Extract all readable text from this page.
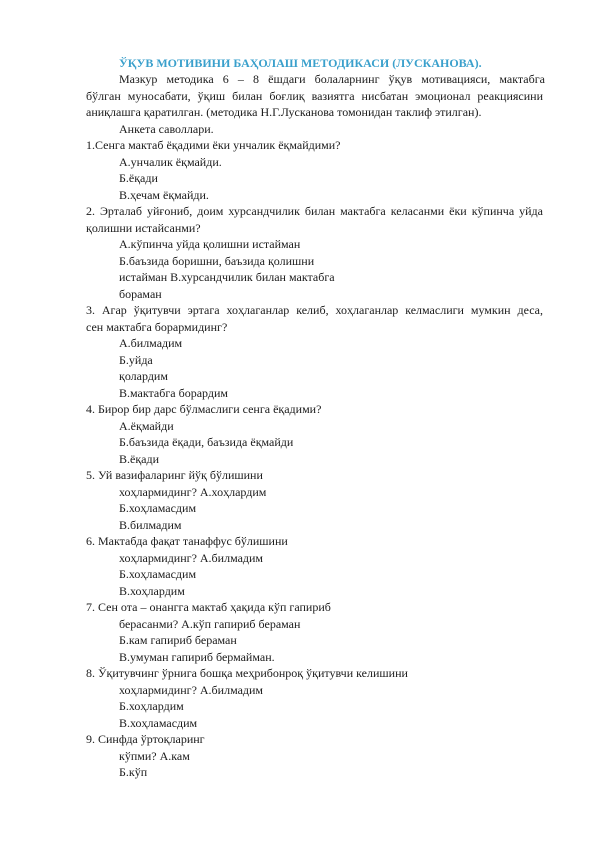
ЎҚУВ МОТИВИНИ БАҲОЛАШ МЕТОДИКАСИ (ЛУСКАНОВА).
Мазкур методика 6 – 8 ёшдаги болаларнинг ўқув мотивацияси, мактабга
бўлган муносабати, ўқиш билан боғлиқ вазиятга нисбатан эмоционал реакциясини
аниқлашга қаратилган. (методика Н.Г.Лусканова томонидан таклиф этилган).
Анкета саволлари.
1.Сенга мактаб ёқадими ёки унчалик ёқмайдими?
А.унчалик ёқмайди.
Б.ёқади
В.ҳечам ёқмайди.
2. Эрталаб уйғониб, доим хурсандчилик билан мактабга келасанми ёки кўпинча уйда
қолишни истайсанми?
А.кўпинча уйда қолишни истайман
Б.баъзида боришни, баъзида қолишни
истайман В.хурсандчилик билан мактабга
бораман
3. Агар ўқитувчи эртага хоҳлаганлар келиб, хоҳлаганлар келмаслиги мумкин деса,
сен мактабга борармидинг?
А.билмадим
Б.уйда
қолардим
В.мактабга борардим
4. Бирор бир дарс бўлмаслиги сенга ёқадими?
А.ёқмайди
Б.баъзида ёқади, баъзида ёқмайди
В.ёқади
5. Уй вазифаларинг йўқ бўлишини
хоҳлармидинг? А.хоҳлардим
Б.хоҳламасдим
В.билмадим
6. Мактабда фақат танаффус бўлишини
хоҳлармидинг? А.билмадим
Б.хоҳламасдим
В.хоҳлардим
7. Сен ота – онангга мактаб ҳақида кўп гапириб
берасанми? А.кўп гапириб бераман
Б.кам гапириб бераман
В.умуман гапириб бермайман.
8. Ўқитувчинг ўрнига бошқа меҳрибонроқ ўқитувчи келишини
хоҳлармидинг? А.билмадим
Б.хоҳлардим
В.хоҳламасдим
9. Синфда ўртоқларинг
кўпми? А.кам
Б.кўп
